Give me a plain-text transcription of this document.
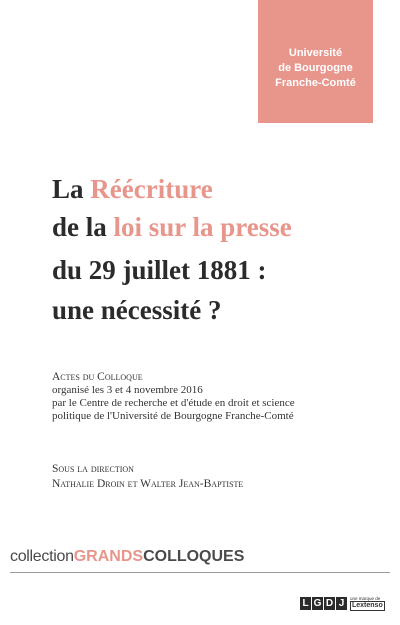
Université
de Bourgogne
Franche-Comté
La Réécriture
de la loi sur la presse
du 29 juillet 1881 :
une nécessité ?
Actes du Colloque
organisé les 3 et 4 novembre 2016
par le Centre de recherche et d'étude en droit et science
politique de l'Université de Bourgogne Franche-Comté
Sous la direction
Nathalie Droin et Walter Jean-Baptiste
collectionGRANDSCOLLOQUES
L G D J	une marque de
Lextenso
